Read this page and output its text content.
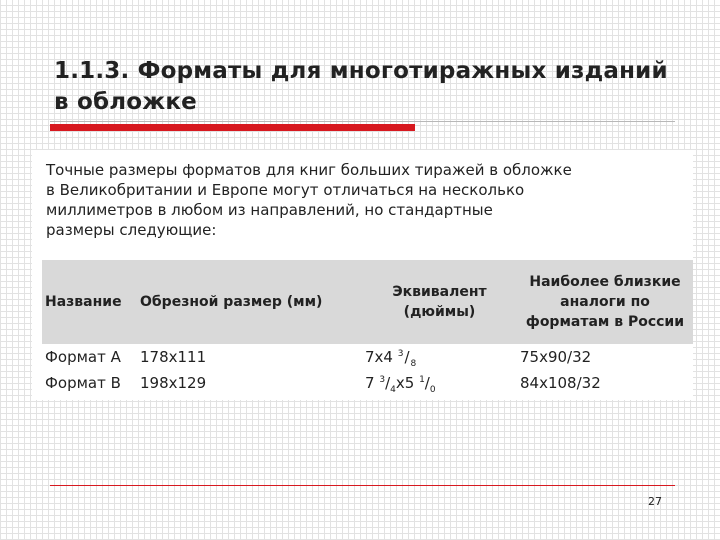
1.1.3. Форматы для многотиражных изданий в обложке

Точные размеры форматов для книг больших тиражей в обложке
в Великобритании и Европе могут отличаться на несколько
миллиметров в любом из направлений, но стандартные
размеры следующие:

Название	Обрезной размер (мм)	Эквивалент (дюймы)	Наиболее близкие аналоги по форматам в России
Формат А	178х111	7х4 $^3/_8$	75х90/32
Формат В	198х129	7 $^3/_4х5$ $^1/_0$	84х108/32
27
